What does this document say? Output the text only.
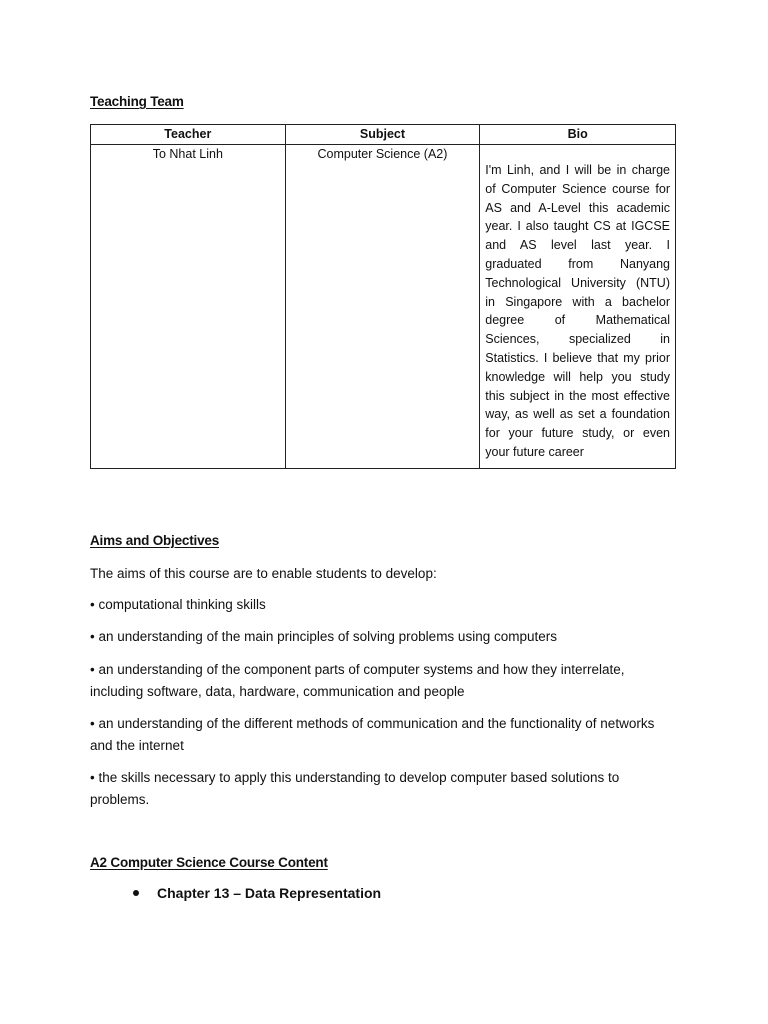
Teaching Team
Teacher	Subject	Bio
To Nhat Linh	Computer Science (A2)	I'm Linh, and I will be in charge of Computer Science course for AS and A-Level this academic year. I also taught CS at IGCSE and AS level last year. I graduated from Nanyang Technological University (NTU) in Singapore with a bachelor degree of Mathematical Sciences, specialized in Statistics. I believe that my prior knowledge will help you study this subject in the most effective way, as well as set a foundation for your future study, or even your future career
Aims and Objectives
The aims of this course are to enable students to develop:
• computational thinking skills
• an understanding of the main principles of solving problems using computers
• an understanding of the component parts of computer systems and how they interrelate, including software, data, hardware, communication and people
• an understanding of the different methods of communication and the functionality of networks and the internet
• the skills necessary to apply this understanding to develop computer based solutions to problems.
A2 Computer Science Course Content
Chapter 13 – Data Representation
